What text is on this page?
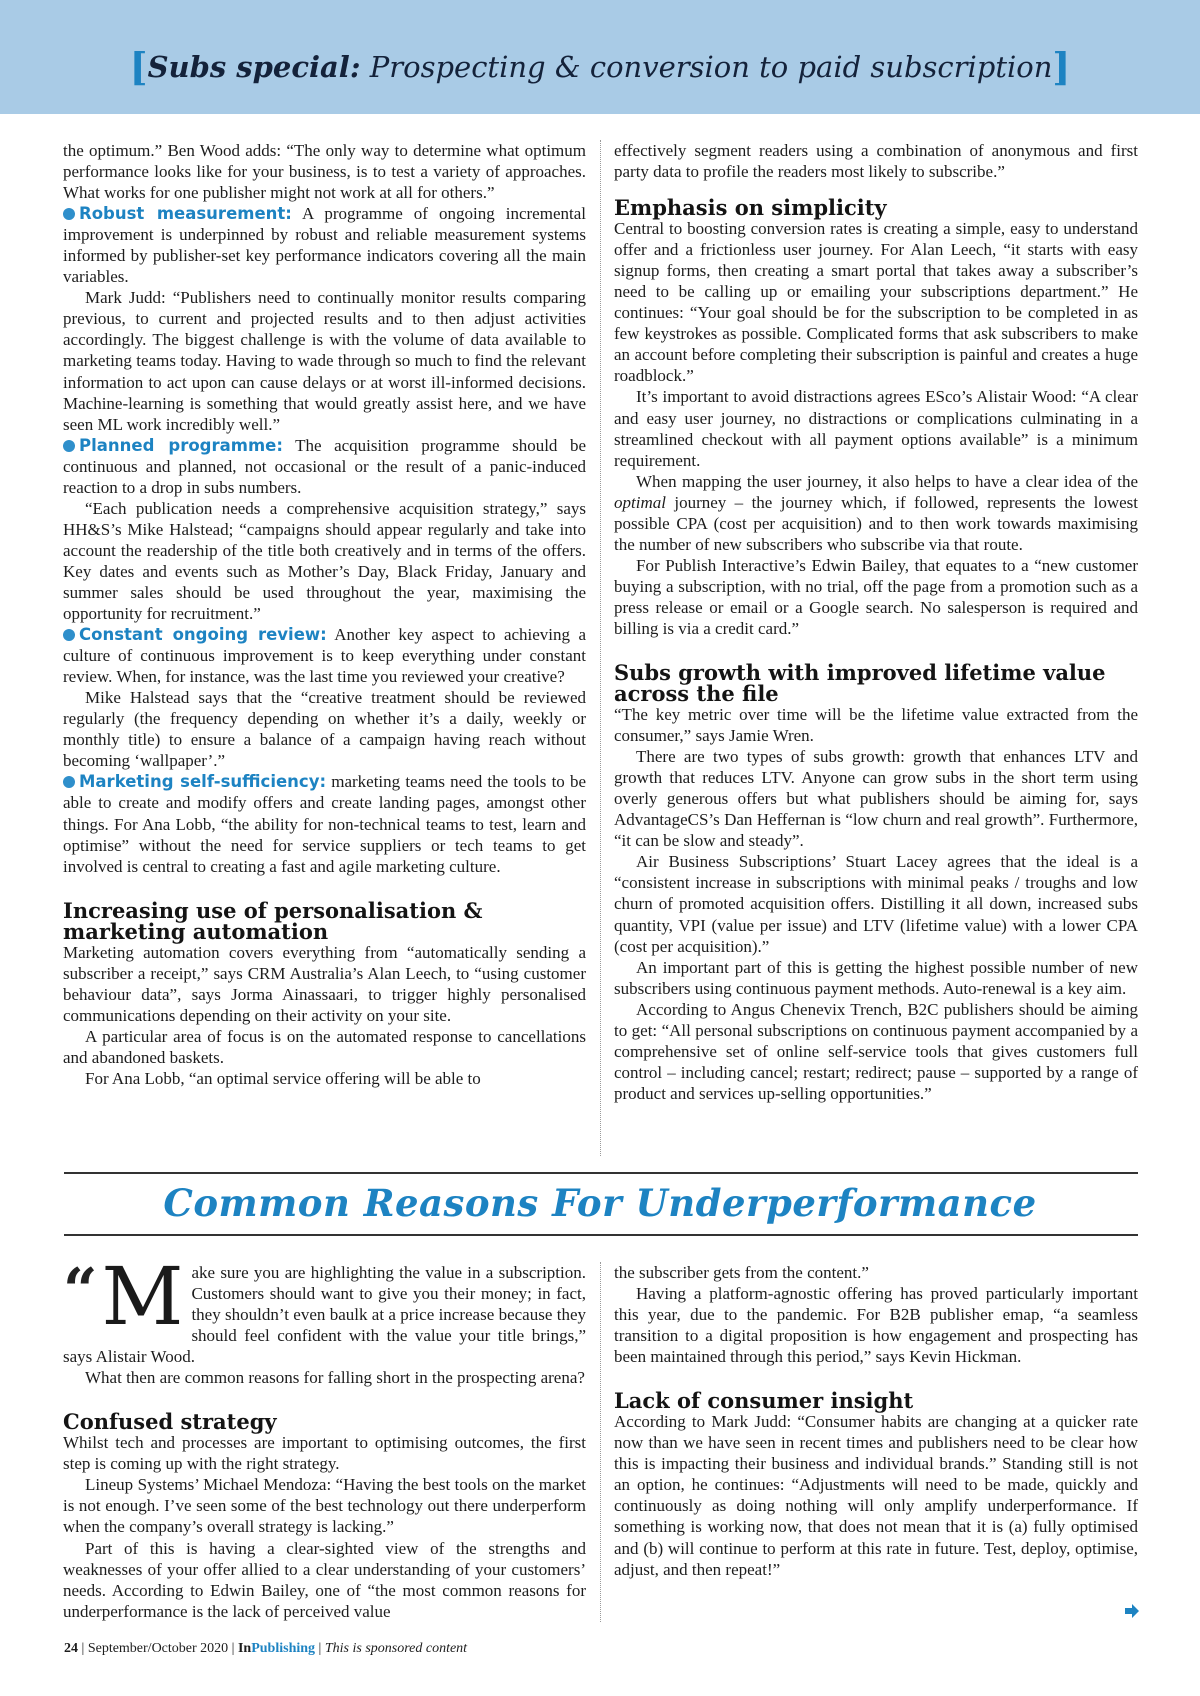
[Subs special: Prospecting & conversion to paid subscription]

the optimum.” Ben Wood adds: “The only way to determine what optimum performance looks like for your business, is to test a variety of approaches. What works for one publisher might not work at all for others.”

Robust measurement: A programme of ongoing incremental improvement is underpinned by robust and reliable measurement systems informed by publisher-set key performance indicators covering all the main variables.

Mark Judd: “Publishers need to continually monitor results comparing previous, to current and projected results and to then adjust activities accordingly. The biggest challenge is with the volume of data available to marketing teams today. Having to wade through so much to find the relevant information to act upon can cause delays or at worst ill-informed decisions. Machine-learning is something that would greatly assist here, and we have seen ML work incredibly well.”

Planned programme: The acquisition programme should be continuous and planned, not occasional or the result of a panic-induced reaction to a drop in subs numbers.

“Each publication needs a comprehensive acquisition strategy,” says HH&S’s Mike Halstead; “campaigns should appear regularly and take into account the readership of the title both creatively and in terms of the offers. Key dates and events such as Mother’s Day, Black Friday, January and summer sales should be used throughout the year, maximising the opportunity for recruitment.”

Constant ongoing review: Another key aspect to achieving a culture of continuous improvement is to keep everything under constant review. When, for instance, was the last time you reviewed your creative?

Mike Halstead says that the “creative treatment should be reviewed regularly (the frequency depending on whether it’s a daily, weekly or monthly title) to ensure a balance of a campaign having reach without becoming ‘wallpaper’.”

Marketing self-sufficiency: marketing teams need the tools to be able to create and modify offers and create landing pages, amongst other things. For Ana Lobb, “the ability for non-technical teams to test, learn and optimise” without the need for service suppliers or tech teams to get involved is central to creating a fast and agile marketing culture.

Increasing use of personalisation & marketing automation

Marketing automation covers everything from “automatically sending a subscriber a receipt,” says CRM Australia’s Alan Leech, to “using customer behaviour data”, says Jorma Ainassaari, to trigger highly personalised communications depending on their activity on your site.

A particular area of focus is on the automated response to cancellations and abandoned baskets.

For Ana Lobb, “an optimal service offering will be able to

effectively segment readers using a combination of anonymous and first party data to profile the readers most likely to subscribe.”

Emphasis on simplicity

Central to boosting conversion rates is creating a simple, easy to understand offer and a frictionless user journey. For Alan Leech, “it starts with easy signup forms, then creating a smart portal that takes away a subscriber’s need to be calling up or emailing your subscriptions department.” He continues: “Your goal should be for the subscription to be completed in as few keystrokes as possible. Complicated forms that ask subscribers to make an account before completing their subscription is painful and creates a huge roadblock.”

It’s important to avoid distractions agrees ESco’s Alistair Wood: “A clear and easy user journey, no distractions or complications culminating in a streamlined checkout with all payment options available” is a minimum requirement.

When mapping the user journey, it also helps to have a clear idea of the optimal journey – the journey which, if followed, represents the lowest possible CPA (cost per acquisition) and to then work towards maximising the number of new subscribers who subscribe via that route.

For Publish Interactive’s Edwin Bailey, that equates to a “new customer buying a subscription, with no trial, off the page from a promotion such as a press release or email or a Google search. No salesperson is required and billing is via a credit card.”

Subs growth with improved lifetime value across the file

“The key metric over time will be the lifetime value extracted from the consumer,” says Jamie Wren.

There are two types of subs growth: growth that enhances LTV and growth that reduces LTV. Anyone can grow subs in the short term using overly generous offers but what publishers should be aiming for, says AdvantageCS’s Dan Heffernan is “low churn and real growth”. Furthermore, “it can be slow and steady”.

Air Business Subscriptions’ Stuart Lacey agrees that the ideal is a “consistent increase in subscriptions with minimal peaks / troughs and low churn of promoted acquisition offers. Distilling it all down, increased subs quantity, VPI (value per issue) and LTV (lifetime value) with a lower CPA (cost per acquisition).”

An important part of this is getting the highest possible number of new subscribers using continuous payment methods. Auto-renewal is a key aim.

According to Angus Chenevix Trench, B2C publishers should be aiming to get: “All personal subscriptions on continuous payment accompanied by a comprehensive set of online self-service tools that gives customers full control – including cancel; restart; redirect; pause – supported by a range of product and services up-selling opportunities.”

Common Reasons For Underperformance

“ M ake sure you are highlighting the value in a subscription. Customers should want to give you their money; in fact, they shouldn’t even baulk at a price increase because they should feel confident with the value your title brings,” says Alistair Wood.

What then are common reasons for falling short in the prospecting arena?

Confused strategy

Whilst tech and processes are important to optimising outcomes, the first step is coming up with the right strategy.

Lineup Systems’ Michael Mendoza: “Having the best tools on the market is not enough. I’ve seen some of the best technology out there underperform when the company’s overall strategy is lacking.”

Part of this is having a clear-sighted view of the strengths and weaknesses of your offer allied to a clear understanding of your customers’ needs. According to Edwin Bailey, one of “the most common reasons for underperformance is the lack of perceived value

the subscriber gets from the content.”

Having a platform-agnostic offering has proved particularly important this year, due to the pandemic. For B2B publisher emap, “a seamless transition to a digital proposition is how engagement and prospecting has been maintained through this period,” says Kevin Hickman.

Lack of consumer insight

According to Mark Judd: “Consumer habits are changing at a quicker rate now than we have seen in recent times and publishers need to be clear how this is impacting their business and individual brands.” Standing still is not an option, he continues: “Adjustments will need to be made, quickly and continuously as doing nothing will only amplify underperformance. If something is working now, that does not mean that it is (a) fully optimised and (b) will continue to perform at this rate in future. Test, deploy, optimise, adjust, and then repeat!”

24 | September/October 2020 | InPublishing | This is sponsored content
